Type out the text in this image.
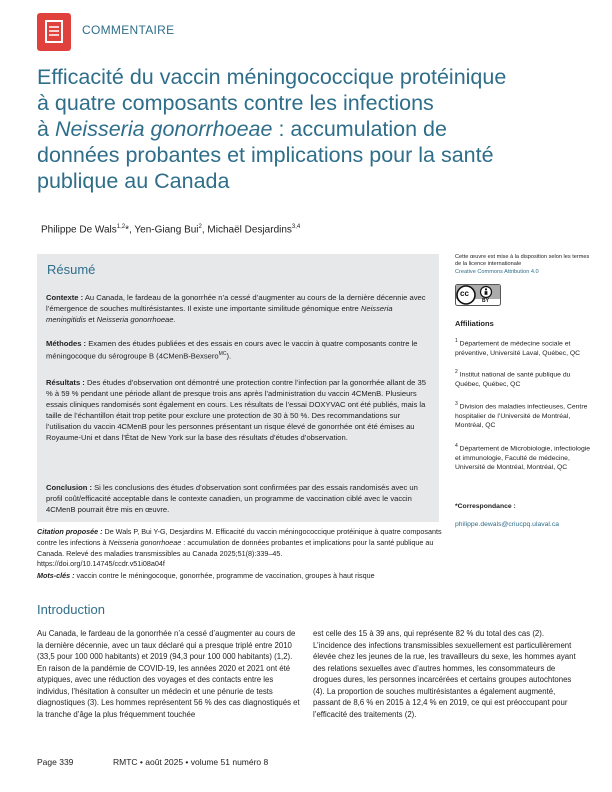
COMMENTAIRE
Efficacité du vaccin méningococcique protéinique
à quatre composants contre les infections
à Neisseria gonorrhoeae : accumulation de
données probantes et implications pour la santé
publique au Canada
Philippe De Wals$^{1,2}$*, Yen-Giang Bui$^2$, Michaël Desjardins$^{3,4}$
Résumé

Contexte : Au Canada, le fardeau de la gonorrhée n’a cessé d’augmenter au cours de la dernière décennie avec l’émergence de souches multirésistantes. Il existe une importante similitude génomique entre Neisseria meningitidis et Neisseria gonorrhoeae.

Méthodes : Examen des études publiées et des essais en cours avec le vaccin à quatre composants contre le méningocoque du sérogroupe B (4CMenB-Bexsero$^{MC}$).

Résultats : Des études d’observation ont démontré une protection contre l’infection par la gonorrhée allant de 35 % à 59 % pendant une période allant de presque trois ans après l’administration du vaccin 4CMenB. Plusieurs essais cliniques randomisés sont également en cours. Les résultats de l’essai DOXYVAC ont été publiés, mais la taille de l’échantillon était trop petite pour exclure une protection de 30 à 50 %. Des recommandations sur l’utilisation du vaccin 4CMenB pour les personnes présentant un risque élevé de gonorrhée ont été émises au Royaume-Uni et dans l’État de New York sur la base des résultats d’études d’observation.

Conclusion : Si les conclusions des études d’observation sont confirmées par des essais randomisés avec un profil coût/efficacité acceptable dans le contexte canadien, un programme de vaccination ciblé avec le vaccin 4CMenB pourrait être mis en œuvre.

Citation proposée : De Wals P, Bui Y-G, Desjardins M. Efficacité du vaccin méningococcique protéinique à quatre composants contre les infections à Neisseria gonorrhoeae : accumulation de données probantes et implications pour la santé publique au Canada. Relevé des maladies transmissibles au Canada 2025;51(8):339–45.
https://doi.org/10.14745/ccdr.v51i08a04f

Mots-clés : vaccin contre le méningocoque, gonorrhée, programme de vaccination, groupes à haut risque

Cette œuvre est mise à la disposition selon les termes de la licence internationale
Creative Commons Attribution 4.0

cc
BY

Affiliations

$^1$ Département de médecine sociale et préventive, Université Laval, Québec, QC

$^2$ Institut national de santé publique du Québec, Québec, QC

$^3$ Division des maladies infectieuses, Centre hospitalier de l’Université de Montréal, Montréal, QC

$^4$ Département de Microbiologie, infectiologie et immunologie, Faculté de médecine, Université de Montréal, Montréal, QC

*Correspondance :

philippe.dewals@criucpq.ulaval.ca

Introduction

Au Canada, le fardeau de la gonorrhée n’a cessé d’augmenter au cours de la dernière décennie, avec un taux déclaré qui a presque triplé entre 2010 (33,5 pour 100 000 habitants) et 2019 (94,3 pour 100 000 habitants) (1,2). En raison de la pandémie de COVID-19, les années 2020 et 2021 ont été atypiques, avec une réduction des voyages et des contacts entre les individus, l’hésitation à consulter un médecin et une pénurie de tests diagnostiques (3). Les hommes représentent 56 % des cas diagnostiqués et la tranche d’âge la plus fréquemment touchée

est celle des 15 à 39 ans, qui représente 82 % du total des cas (2). L’incidence des infections transmissibles sexuellement est particulièrement élevée chez les jeunes de la rue, les travailleurs du sexe, les hommes ayant des relations sexuelles avec d’autres hommes, les consommateurs de drogues dures, les personnes incarcérées et certains groupes autochtones (4). La proportion de souches multirésistantes a également augmenté, passant de 8,6 % en 2015 à 12,4 % en 2019, ce qui est préoccupant pour l’efficacité des traitements (2).

Page 339	RMTC • août 2025 • volume 51 numéro 8
